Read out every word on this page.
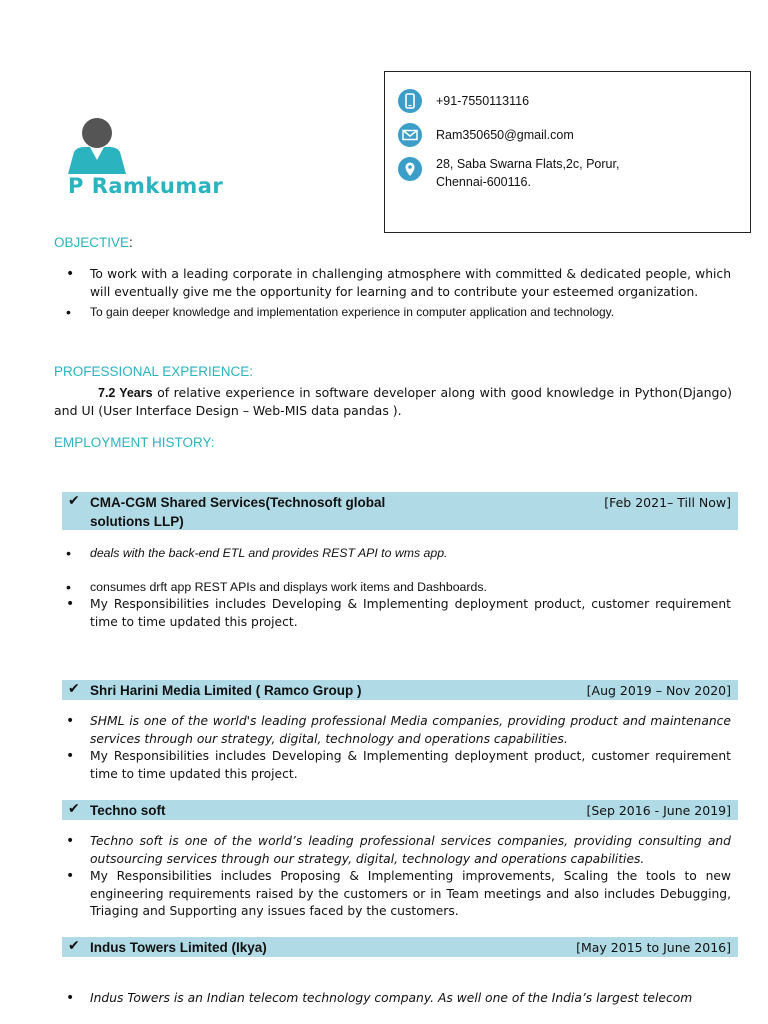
P Ramkumar
+91-7550113116
Ram350650@gmail.com
28, Saba Swarna Flats,2c, Porur,
Chennai-600116.
OBJECTIVE:
• To work with a leading corporate in challenging atmosphere with committed & dedicated people, which will eventually give me the opportunity for learning and to contribute your esteemed organization.
• To gain deeper knowledge and implementation experience in computer application and technology.
PROFESSIONAL EXPERIENCE:
7.2 Years of relative experience in software developer along with good knowledge in Python(Django) and UI (User Interface Design – Web-MIS data pandas ).
EMPLOYMENT HISTORY:
✔ CMA-CGM Shared Services(Technosoft global
solutions LLP)
[Feb 2021– Till Now]
• deals with the back-end ETL and provides REST API to wms app.
• consumes drft app REST APIs and displays work items and Dashboards.
• My Responsibilities includes Developing & Implementing deployment product, customer requirement time to time updated this project.
✔ Shri Harini Media Limited ( Ramco Group )	[Aug 2019 – Nov 2020]
• SHML is one of the world's leading professional Media companies, providing product and maintenance services through our strategy, digital, technology and operations capabilities.
• My Responsibilities includes Developing & Implementing deployment product, customer requirement time to time updated this project.
✔ Techno soft	[Sep 2016 - June 2019]
• Techno soft is one of the world’s leading professional services companies, providing consulting and outsourcing services through our strategy, digital, technology and operations capabilities.
• My Responsibilities includes Proposing & Implementing improvements, Scaling the tools to new engineering requirements raised by the customers or in Team meetings and also includes Debugging, Triaging and Supporting any issues faced by the customers.
✔ Indus Towers Limited (Ikya)	[May 2015 to June 2016]
• Indus Towers is an Indian telecom technology company. As well one of the India’s largest telecom
